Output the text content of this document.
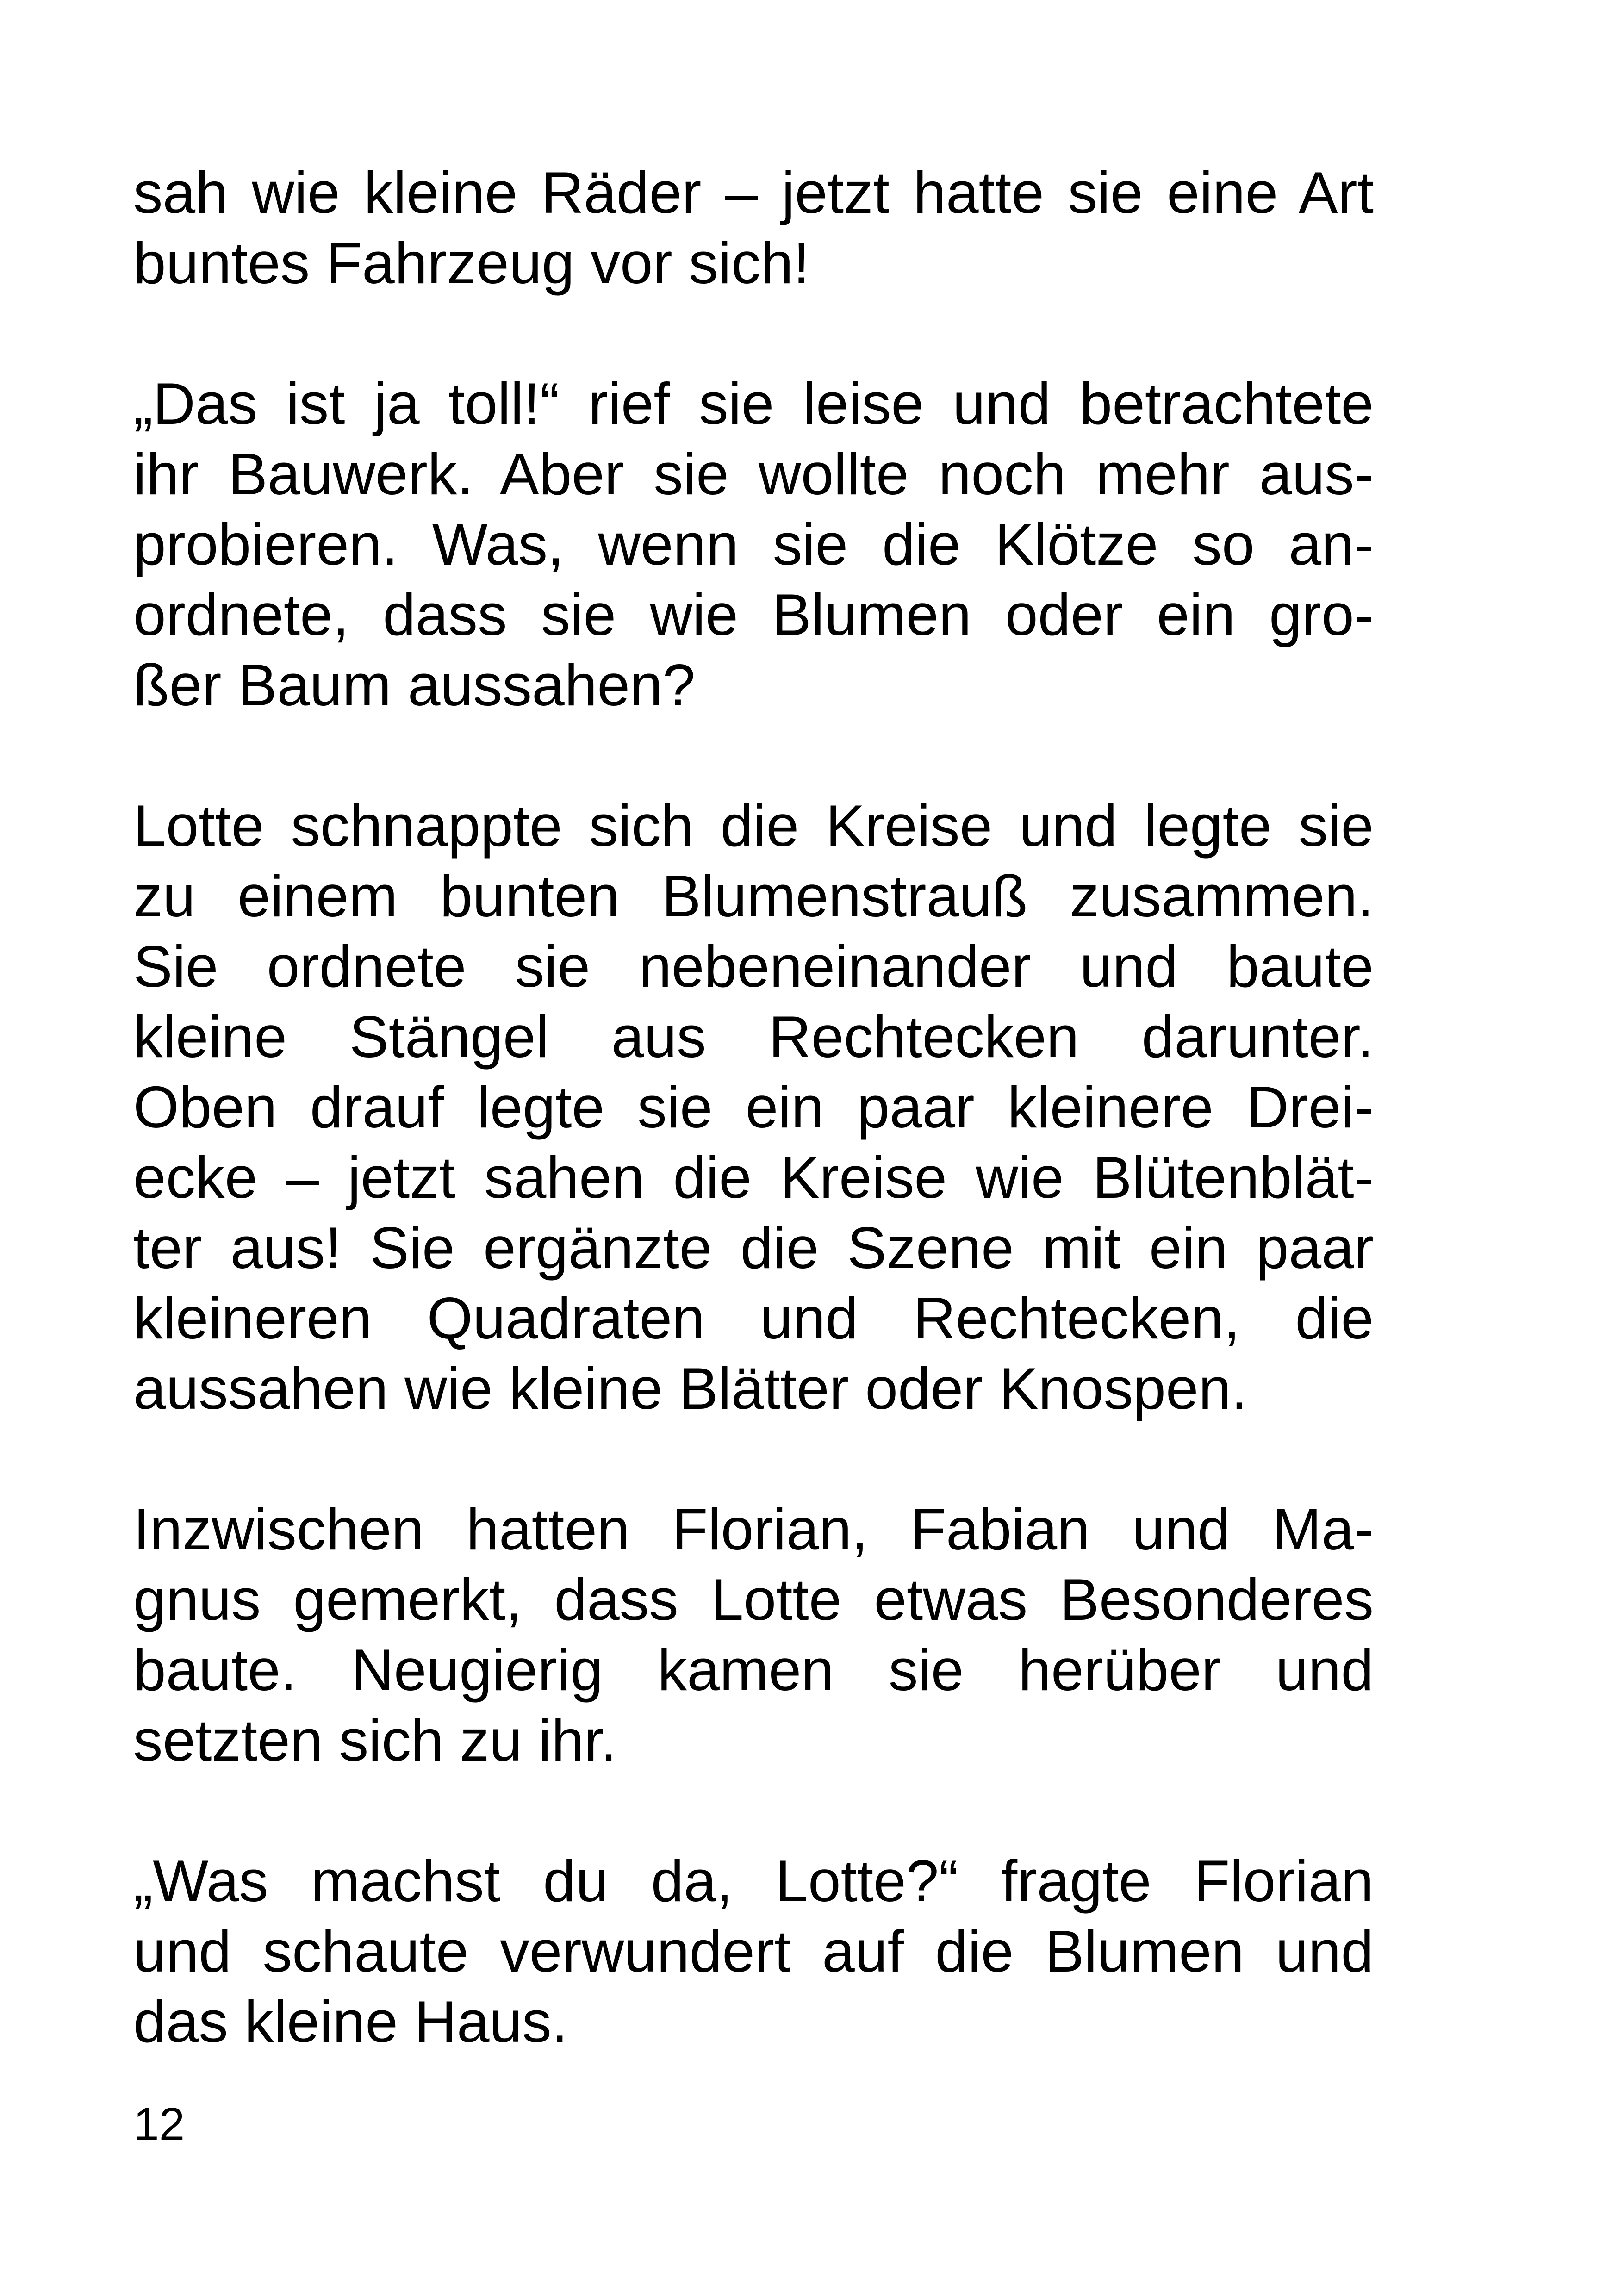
sah wie kleine Räder – jetzt hatte sie eine Art
buntes Fahrzeug vor sich!
„Das ist ja toll!“ rief sie leise und betrachtete
ihr Bauwerk. Aber sie wollte noch mehr aus-
probieren. Was, wenn sie die Klötze so an-
ordnete, dass sie wie Blumen oder ein gro-
ßer Baum aussahen?
Lotte schnappte sich die Kreise und legte sie
zu einem bunten Blumenstrauß zusammen.
Sie ordnete sie nebeneinander und baute
kleine Stängel aus Rechtecken darunter.
Oben drauf legte sie ein paar kleinere Drei-
ecke – jetzt sahen die Kreise wie Blütenblät-
ter aus! Sie ergänzte die Szene mit ein paar
kleineren Quadraten und Rechtecken, die
aussahen wie kleine Blätter oder Knospen.
Inzwischen hatten Florian, Fabian und Ma-
gnus gemerkt, dass Lotte etwas Besonderes
baute. Neugierig kamen sie herüber und
setzten sich zu ihr.
„Was machst du da, Lotte?“ fragte Florian
und schaute verwundert auf die Blumen und
das kleine Haus.
12
